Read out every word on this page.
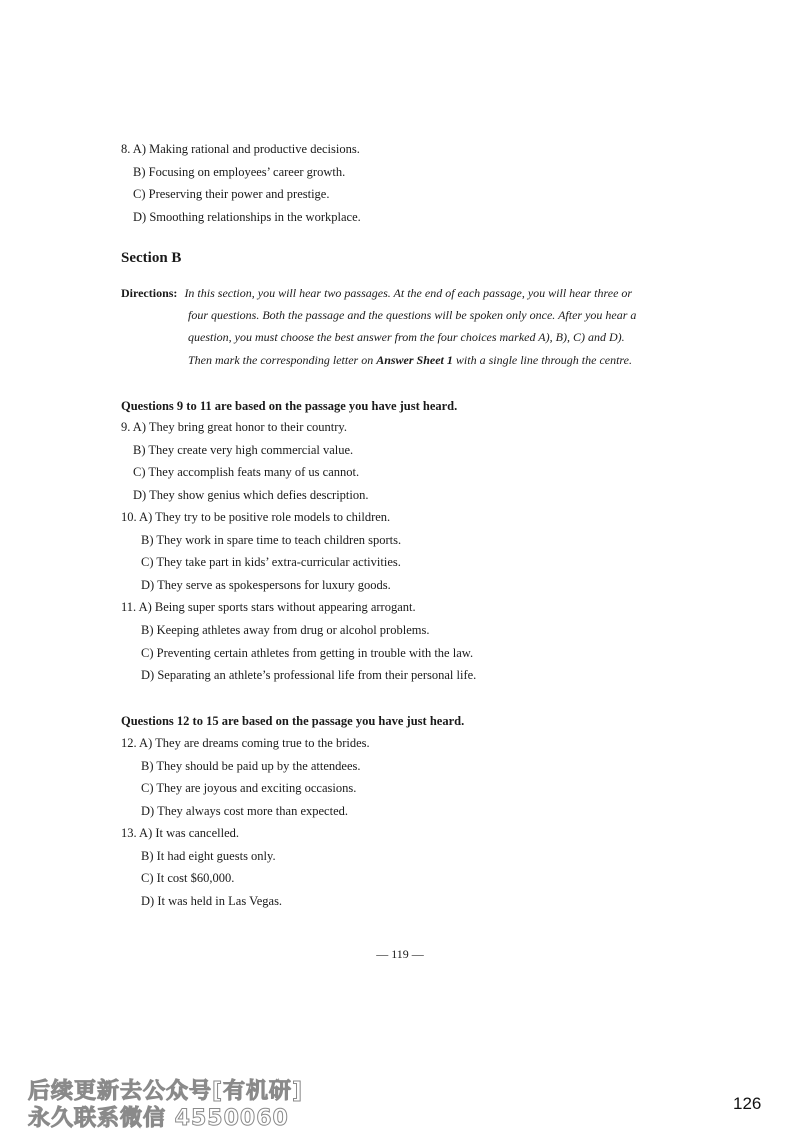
8. A) Making rational and productive decisions.
B) Focusing on employees’ career growth.
C) Preserving their power and prestige.
D) Smoothing relationships in the workplace.
Section B
Directions: In this section, you will hear two passages. At the end of each passage, you will hear three or
four questions. Both the passage and the questions will be spoken only once. After you hear a
question, you must choose the best answer from the four choices marked A), B), C) and D).
Then mark the corresponding letter on Answer Sheet 1 with a single line through the centre.
Questions 9 to 11 are based on the passage you have just heard.
9. A) They bring great honor to their country.
B) They create very high commercial value.
C) They accomplish feats many of us cannot.
D) They show genius which defies description.
10. A) They try to be positive role models to children.
B) They work in spare time to teach children sports.
C) They take part in kids’ extra-curricular activities.
D) They serve as spokespersons for luxury goods.
11. A) Being super sports stars without appearing arrogant.
B) Keeping athletes away from drug or alcohol problems.
C) Preventing certain athletes from getting in trouble with the law.
D) Separating an athlete’s professional life from their personal life.
Questions 12 to 15 are based on the passage you have just heard.
12. A) They are dreams coming true to the brides.
B) They should be paid up by the attendees.
C) They are joyous and exciting occasions.
D) They always cost more than expected.
13. A) It was cancelled.
B) It had eight guests only.
C) It cost $60,000.
D) It was held in Las Vegas.
— 119 —
后续更新去公众号[有机研]
永久联系微信 4550060
126
